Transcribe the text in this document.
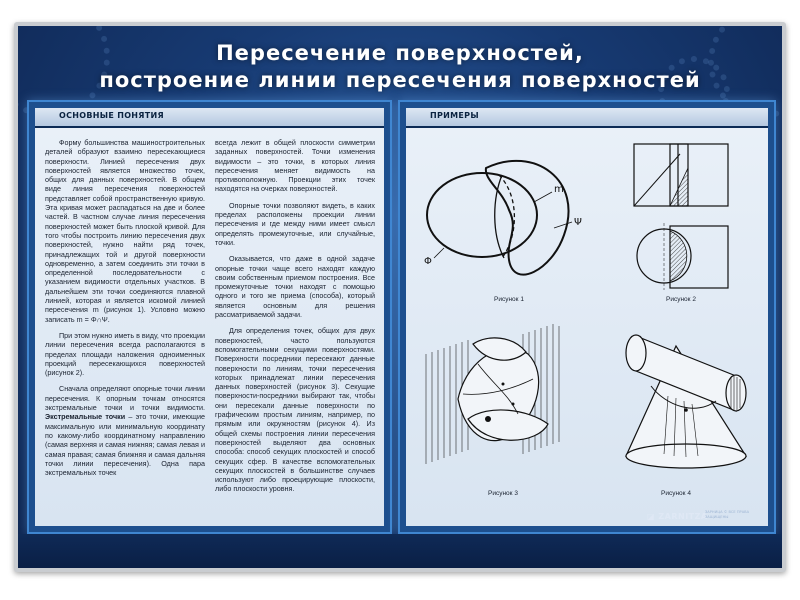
Пересечение поверхностей,
построение линии пересечения поверхностей
ОСНОВНЫЕ ПОНЯТИЯ

Форму большинства машиностроительных деталей образуют взаимно пересекающиеся поверхности. Линией пересечения двух поверхностей является множество точек, общих для данных поверхностей. В общем виде линия пересечения поверхностей представляет собой пространственную кривую. Эта кривая может распадаться на две и более частей. В частном случае линия пересечения поверхностей может быть плоской кривой. Для того чтобы построить линию пересечения двух поверхностей, нужно найти ряд точек, принадлежащих той и другой поверхности одновременно, а затем соединить эти точки в определенной последовательности с указанием видимости отдельных участков. В дальнейшем эти точки соединяются плавной линией, которая и является искомой линией пересечения m (рисунок 1). Условно можно записать m = Φ∩Ψ.

При этом нужно иметь в виду, что проекции линии пересечения всегда располагаются в пределах площади наложения одноименных проекций пересекающихся поверхностей (рисунок 2).

Сначала определяют опорные точки линии пересечения. К опорным точкам относятся экстремальные точки и точки видимости. Экстремальные точки – это точки, имеющие максимальную или минимальную координату по какому-либо координатному направлению (самая верхняя и самая нижняя; самая левая и самая правая; самая ближняя и самая дальняя точки линии пересечения). Одна пара экстремальных точек

всегда лежит в общей плоскости симметрии заданных поверхностей. Точки изменения видимости – это точки, в которых линия пересечения меняет видимость на противоположную. Проекции этих точек находятся на очерках поверхностей.

Опорные точки позволяют видеть, в каких пределах расположены проекции линии пересечения и где между ними имеет смысл определять промежуточные, или случайные, точки.

Оказывается, что даже в одной задаче опорные точки чаще всего находят каждую своим собственным приемом построения. Все промежуточные точки находят с помощью одного и того же приема (способа), который является основным для решения рассматриваемой задачи.

Для определения точек, общих для двух поверхностей, часто пользуются вспомогательными секущими поверхностями. Поверхности посредники пересекают данные поверхности по линиям, точки пересечения которых принадлежат линии пересечения данных поверхностей (рисунок 3). Секущие поверхности-посредники выбирают так, чтобы они пересекали данные поверхности по графическим простым линиям, например, по прямым или окружностям (рисунок 4). Из общей схемы построения линии пересечения поверхностей выделяют два основных способа: способ секущих плоскостей и способ секущих сфер. В качестве вспомогательных секущих плоскостей в большинстве случаев используют либо проецирующие плоскости, либо плоскости уровня.

ПРИМЕРЫ
m
Ψ
Φ
Рисунок 1	Рисунок 2
Рисунок 3	Рисунок 4
◪ ZARNITZA
ЗАРНИЦА © ВСЕ ПРАВА ЗАЩИЩЕНЫ
